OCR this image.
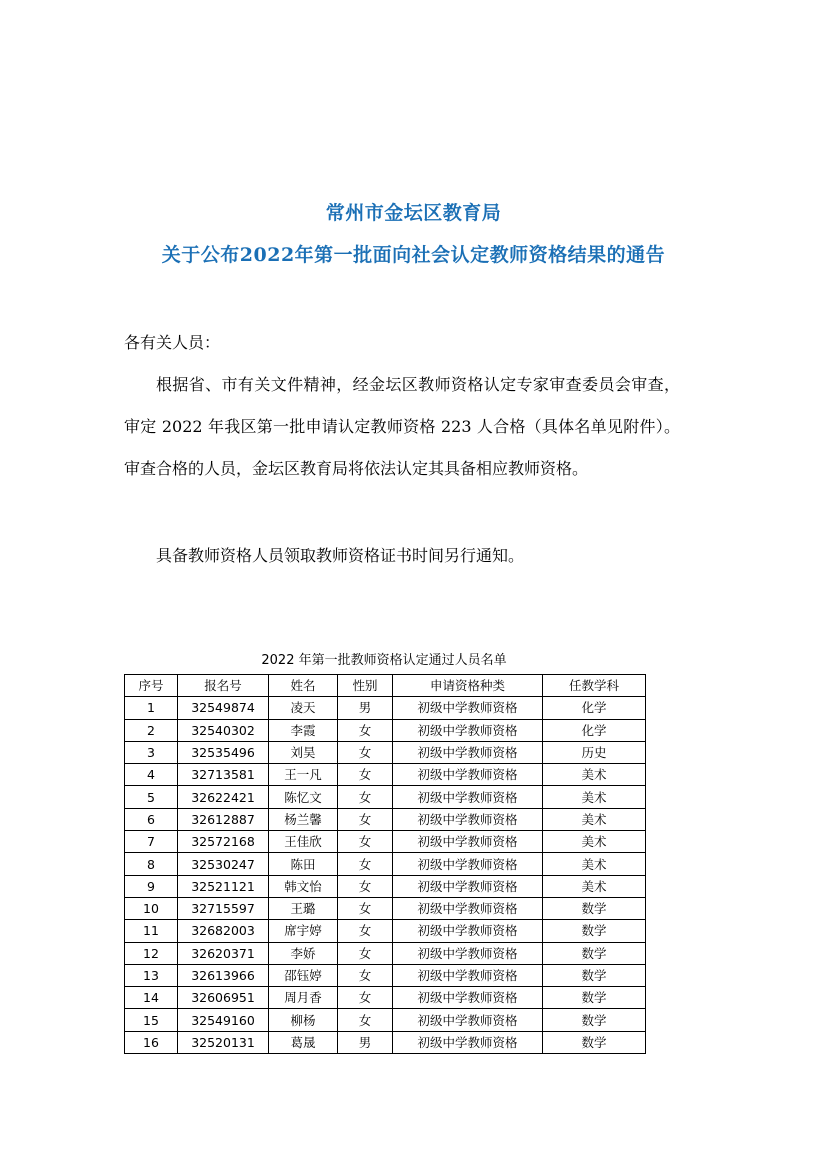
常州市金坛区教育局
关于公布2022年第一批面向社会认定教师资格结果的通告
各有关人员：
根据省、市有关文件精神，经金坛区教师资格认定专家审查委员会审查，审定 2022 年我区第一批申请认定教师资格 223 人合格（具体名单见附件）。审查合格的人员，金坛区教育局将依法认定其具备相应教师资格。
具备教师资格人员领取教师资格证书时间另行通知。
2022 年第一批教师资格认定通过人员名单
序号	报名号	姓名	性别	申请资格种类	任教学科
1	32549874	凌天	男	初级中学教师资格	化学
2	32540302	李霞	女	初级中学教师资格	化学
3	32535496	刘昊	女	初级中学教师资格	历史
4	32713581	王一凡	女	初级中学教师资格	美术
5	32622421	陈忆文	女	初级中学教师资格	美术
6	32612887	杨兰馨	女	初级中学教师资格	美术
7	32572168	王佳欣	女	初级中学教师资格	美术
8	32530247	陈田	女	初级中学教师资格	美术
9	32521121	韩文怡	女	初级中学教师资格	美术
10	32715597	王璐	女	初级中学教师资格	数学
11	32682003	席宇婷	女	初级中学教师资格	数学
12	32620371	李娇	女	初级中学教师资格	数学
13	32613966	邵钰婷	女	初级中学教师资格	数学
14	32606951	周月香	女	初级中学教师资格	数学
15	32549160	柳杨	女	初级中学教师资格	数学
16	32520131	葛晟	男	初级中学教师资格	数学
